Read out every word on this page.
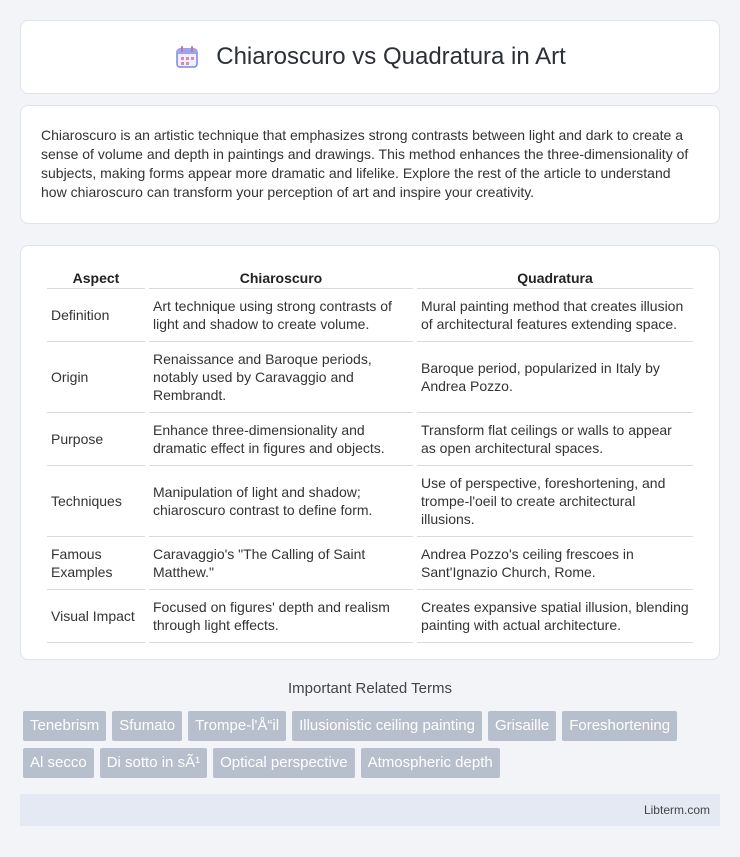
Chiaroscuro vs Quadratura in Art

Chiaroscuro is an artistic technique that emphasizes strong contrasts between light and dark to create a sense of volume and depth in paintings and drawings. This method enhances the three-dimensionality of subjects, making forms appear more dramatic and lifelike. Explore the rest of the article to understand how chiaroscuro can transform your perception of art and inspire your creativity.

Aspect	Chiaroscuro	Quadratura
Definition	Art technique using strong contrasts of light and shadow to create volume.	Mural painting method that creates illusion of architectural features extending space.
Origin	Renaissance and Baroque periods, notably used by Caravaggio and Rembrandt.	Baroque period, popularized in Italy by Andrea Pozzo.
Purpose	Enhance three-dimensionality and dramatic effect in figures and objects.	Transform flat ceilings or walls to appear as open architectural spaces.
Techniques	Manipulation of light and shadow; chiaroscuro contrast to define form.	Use of perspective, foreshortening, and trompe-l'oeil to create architectural illusions.
Famous Examples	Caravaggio's "The Calling of Saint Matthew."	Andrea Pozzo's ceiling frescoes in Sant'Ignazio Church, Rome.
Visual Impact	Focused on figures' depth and realism through light effects.	Creates expansive spatial illusion, blending painting with actual architecture.
Important Related Terms
Tenebrism	Sfumato	Trompe-l'Å“il	Illusionistic ceiling painting	Grisaille	Foreshortening
Al secco	Di sotto in sÃ¹	Optical perspective	Atmospheric depth
Libterm.com
